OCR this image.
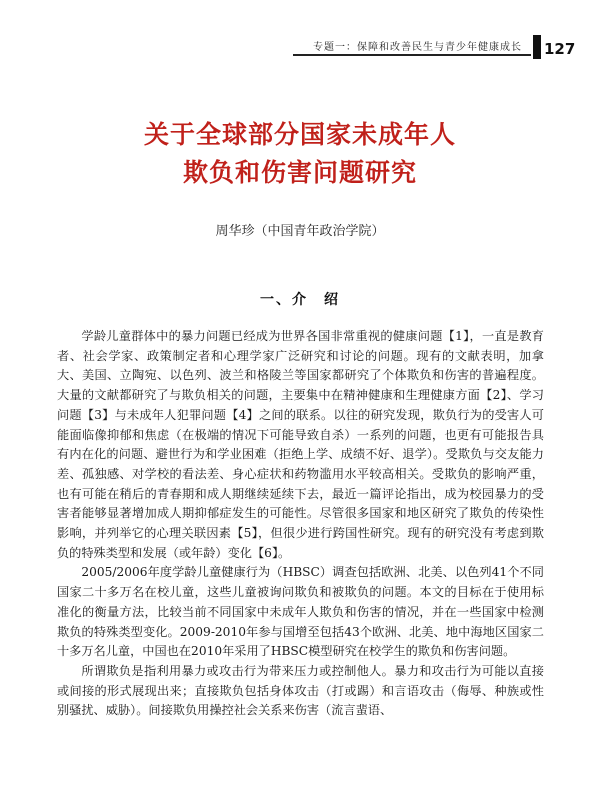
专题一：保障和改善民生与青少年健康成长 127
关于全球部分国家未成年人
欺负和伤害问题研究
周华珍（中国青年政治学院）
一、介　绍

学龄儿童群体中的暴力问题已经成为世界各国非常重视的健康问题【1】，一直是教育者、社会学家、政策制定者和心理学家广泛研究和讨论的问题。现有的文献表明，加拿大、美国、立陶宛、以色列、波兰和格陵兰等国家都研究了个体欺负和伤害的普遍程度。大量的文献都研究了与欺负相关的问题，主要集中在精神健康和生理健康方面【2】、学习问题【3】与未成年人犯罪问题【4】之间的联系。以往的研究发现，欺负行为的受害人可能面临像抑郁和焦虑（在极端的情况下可能导致自杀）一系列的问题，也更有可能报告具有内在化的问题、避世行为和学业困难（拒绝上学、成绩不好、退学）。受欺负与交友能力差、孤独感、对学校的看法差、身心症状和药物滥用水平较高相关。受欺负的影响严重，也有可能在稍后的青春期和成人期继续延续下去，最近一篇评论指出，成为校园暴力的受害者能够显著增加成人期抑郁症发生的可能性。尽管很多国家和地区研究了欺负的传染性影响，并列举它的心理关联因素【5】，但很少进行跨国性研究。现有的研究没有考虑到欺负的特殊类型和发展（或年龄）变化【6】。

2005/2006年度学龄儿童健康行为（HBSC）调查包括欧洲、北美、以色列41个不同国家二十多万名在校儿童，这些儿童被询问欺负和被欺负的问题。本文的目标在于使用标准化的衡量方法，比较当前不同国家中未成年人欺负和伤害的情况，并在一些国家中检测欺负的特殊类型变化。2009-2010年参与国增至包括43个欧洲、北美、地中海地区国家二十多万名儿童，中国也在2010年采用了HBSC模型研究在校学生的欺负和伤害问题。

所谓欺负是指利用暴力或攻击行为带来压力或控制他人。暴力和攻击行为可能以直接或间接的形式展现出来；直接欺负包括身体攻击（打或踢）和言语攻击（侮辱、种族或性别骚扰、威胁）。间接欺负用操控社会关系来伤害（流言蜚语、
